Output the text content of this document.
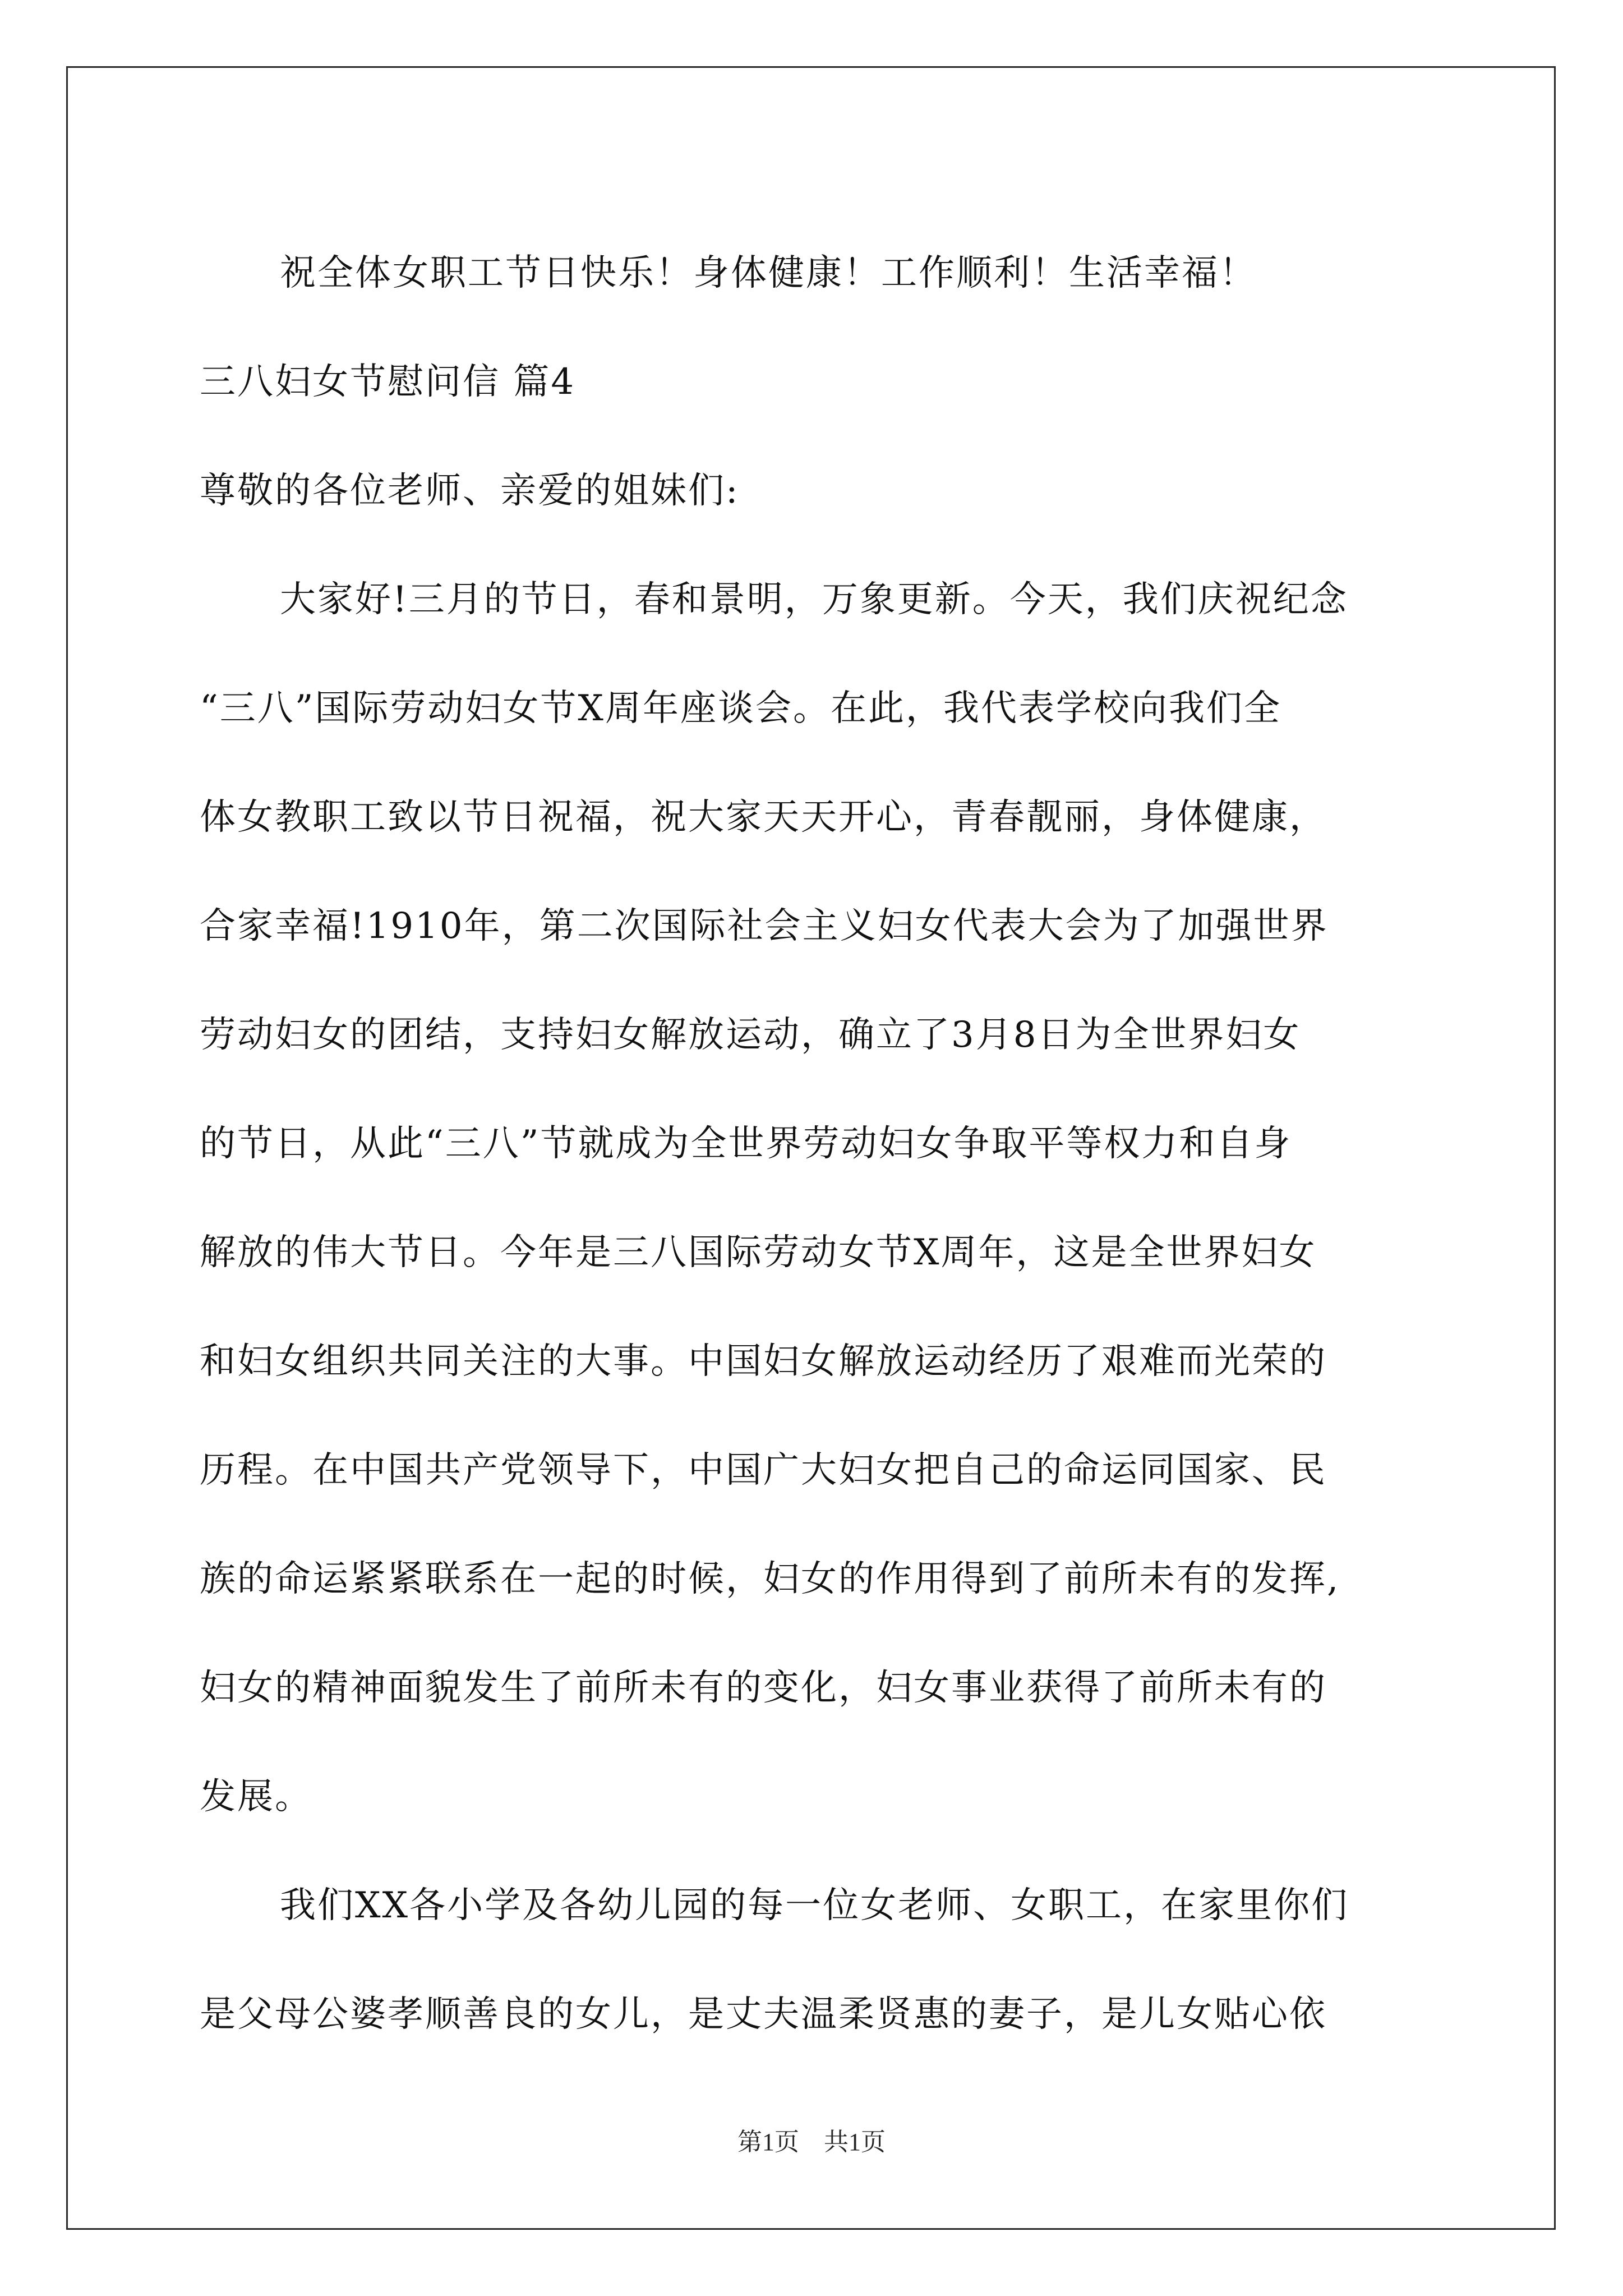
祝全体女职工节日快乐！身体健康！工作顺利！生活幸福！
三八妇女节慰问信 篇4
尊敬的各位老师、亲爱的姐妹们:
大家好!三月的节日，春和景明，万象更新。今天，我们庆祝纪念
“三八”国际劳动妇女节X周年座谈会。在此，我代表学校向我们全
体女教职工致以节日祝福，祝大家天天开心，青春靓丽，身体健康，
合家幸福!1910年，第二次国际社会主义妇女代表大会为了加强世界
劳动妇女的团结，支持妇女解放运动，确立了3月8日为全世界妇女
的节日，从此“三八”节就成为全世界劳动妇女争取平等权力和自身
解放的伟大节日。今年是三八国际劳动女节X周年，这是全世界妇女
和妇女组织共同关注的大事。中国妇女解放运动经历了艰难而光荣的
历程。在中国共产党领导下，中国广大妇女把自己的命运同国家、民
族的命运紧紧联系在一起的时候，妇女的作用得到了前所未有的发挥,
妇女的精神面貌发生了前所未有的变化，妇女事业获得了前所未有的
发展。
我们XX各小学及各幼儿园的每一位女老师、女职工，在家里你们
是父母公婆孝顺善良的女儿，是丈夫温柔贤惠的妻子，是儿女贴心依
第1页　共1页
